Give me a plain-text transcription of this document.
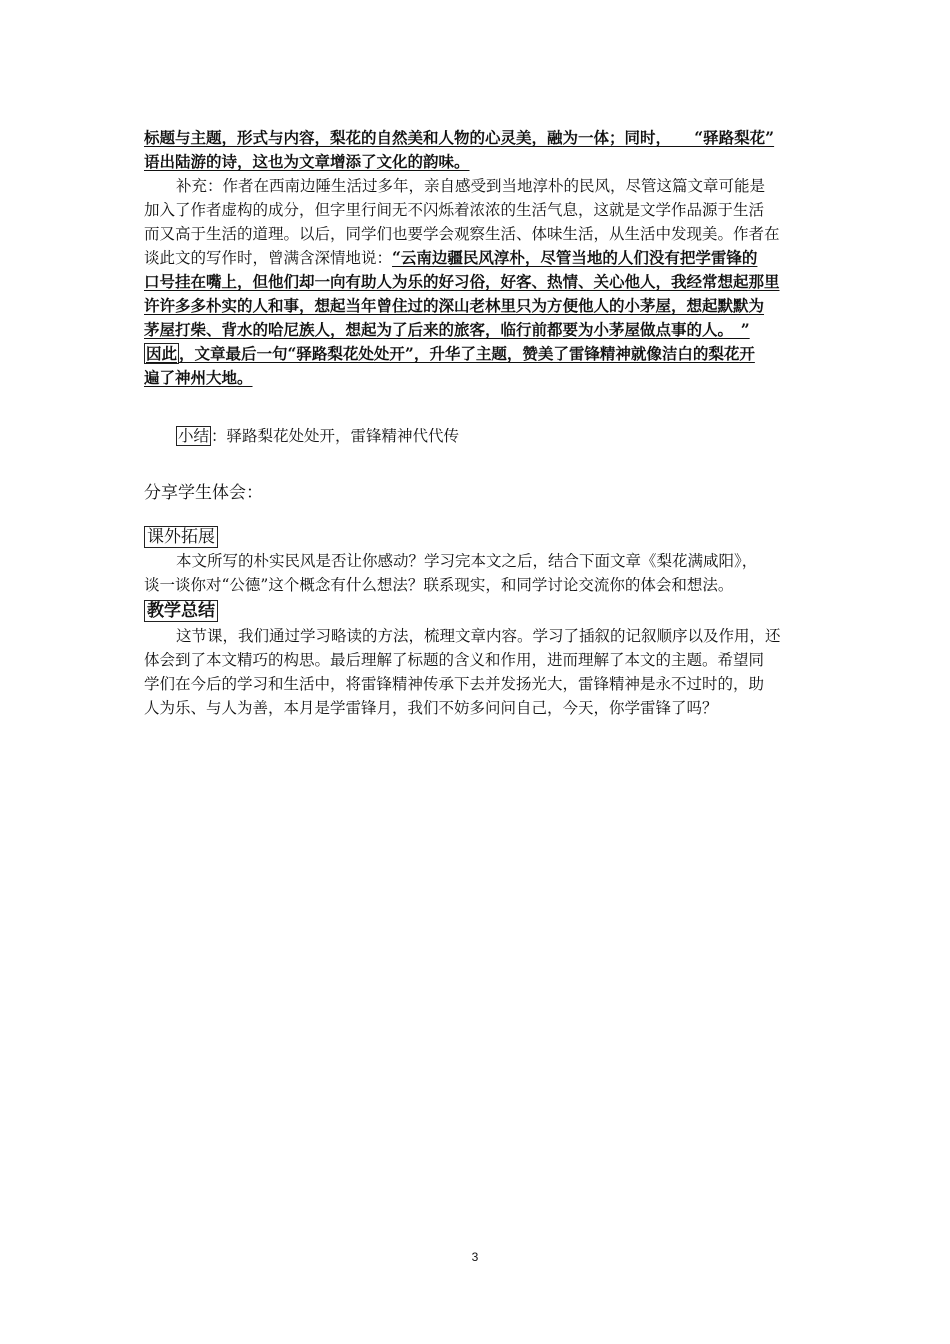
标题与主题，形式与内容，梨花的自然美和人物的心灵美，融为一体；同时，　　“驿路梨花”
语出陆游的诗，这也为文章增添了文化的韵味。
补充：作者在西南边陲生活过多年，亲自感受到当地淳朴的民风，尽管这篇文章可能是
加入了作者虚构的成分，但字里行间无不闪烁着浓浓的生活气息，这就是文学作品源于生活
而又高于生活的道理。以后，同学们也要学会观察生活、体味生活，从生活中发现美。作者在
谈此文的写作时，曾满含深情地说：“云南边疆民风淳朴，尽管当地的人们没有把学雷锋的
口号挂在嘴上，但他们却一向有助人为乐的好习俗，好客、热情、关心他人，我经常想起那里
许许多多朴实的人和事，想起当年曾住过的深山老林里只为方便他人的小茅屋，想起默默为
茅屋打柴、背水的哈尼族人，想起为了后来的旅客，临行前都要为小茅屋做点事的人。　”
因此 ，文章最后一句“驿路梨花处处开”，升华了主题，赞美了雷锋精神就像洁白的梨花开
遍了神州大地。
小结 ：驿路梨花处处开，雷锋精神代代传
分享学生体会：
课外拓展
本文所写的朴实民风是否让你感动？学习完本文之后，结合下面文章《梨花满咸阳》，
谈一谈你对“公德”这个概念有什么想法？联系现实，和同学讨论交流你的体会和想法。
教学总结
这节课，我们通过学习略读的方法，梳理文章内容。学习了插叙的记叙顺序以及作用，还
体会到了本文精巧的构思。最后理解了标题的含义和作用，进而理解了本文的主题。希望同
学们在今后的学习和生活中，将雷锋精神传承下去并发扬光大，雷锋精神是永不过时的，助
人为乐、与人为善，本月是学雷锋月，我们不妨多问问自己，今天，你学雷锋了吗？
3
